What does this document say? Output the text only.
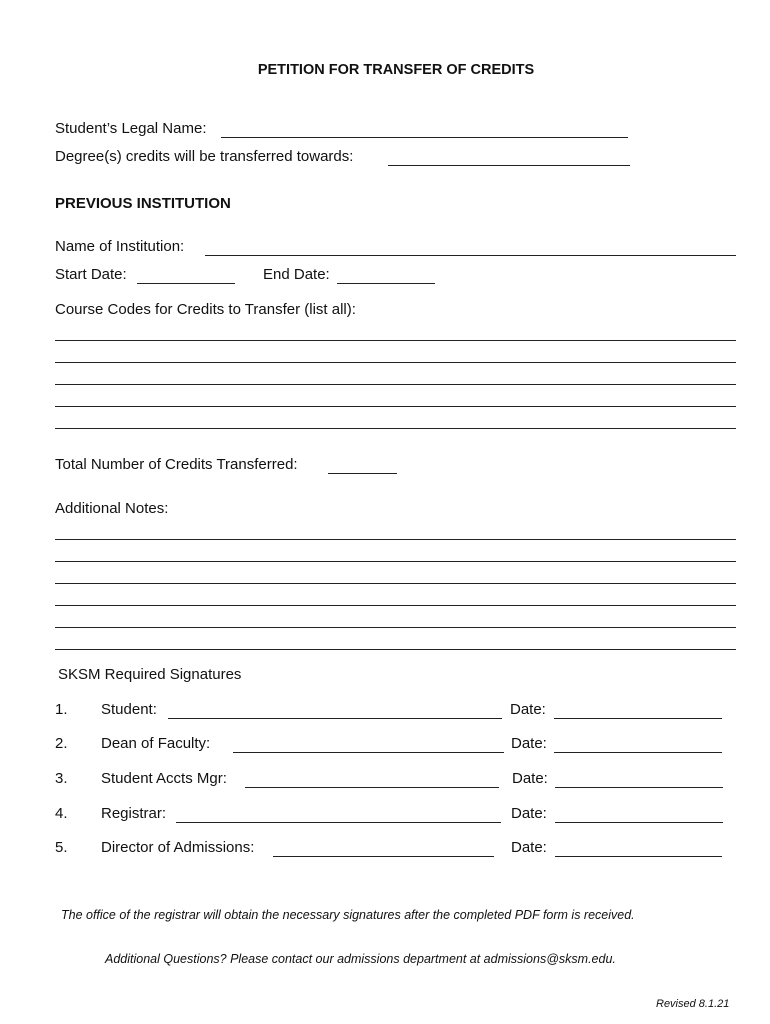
PETITION FOR TRANSFER OF CREDITS
Student’s Legal Name:
Degree(s) credits will be transferred towards:
PREVIOUS INSTITUTION
Name of Institution:
Start Date:	End Date:
Course Codes for Credits to Transfer (list all):
Total Number of Credits Transferred:
Additional Notes:
SKSM Required Signatures
1. Student:	Date:
2. Dean of Faculty:	Date:
3. Student Accts Mgr:	Date:
4. Registrar:	Date:
5. Director of Admissions:	Date:
The office of the registrar will obtain the necessary signatures after the completed PDF form is received.
Additional Questions? Please contact our admissions department at admissions@sksm.edu.
Revised 8.1.21
